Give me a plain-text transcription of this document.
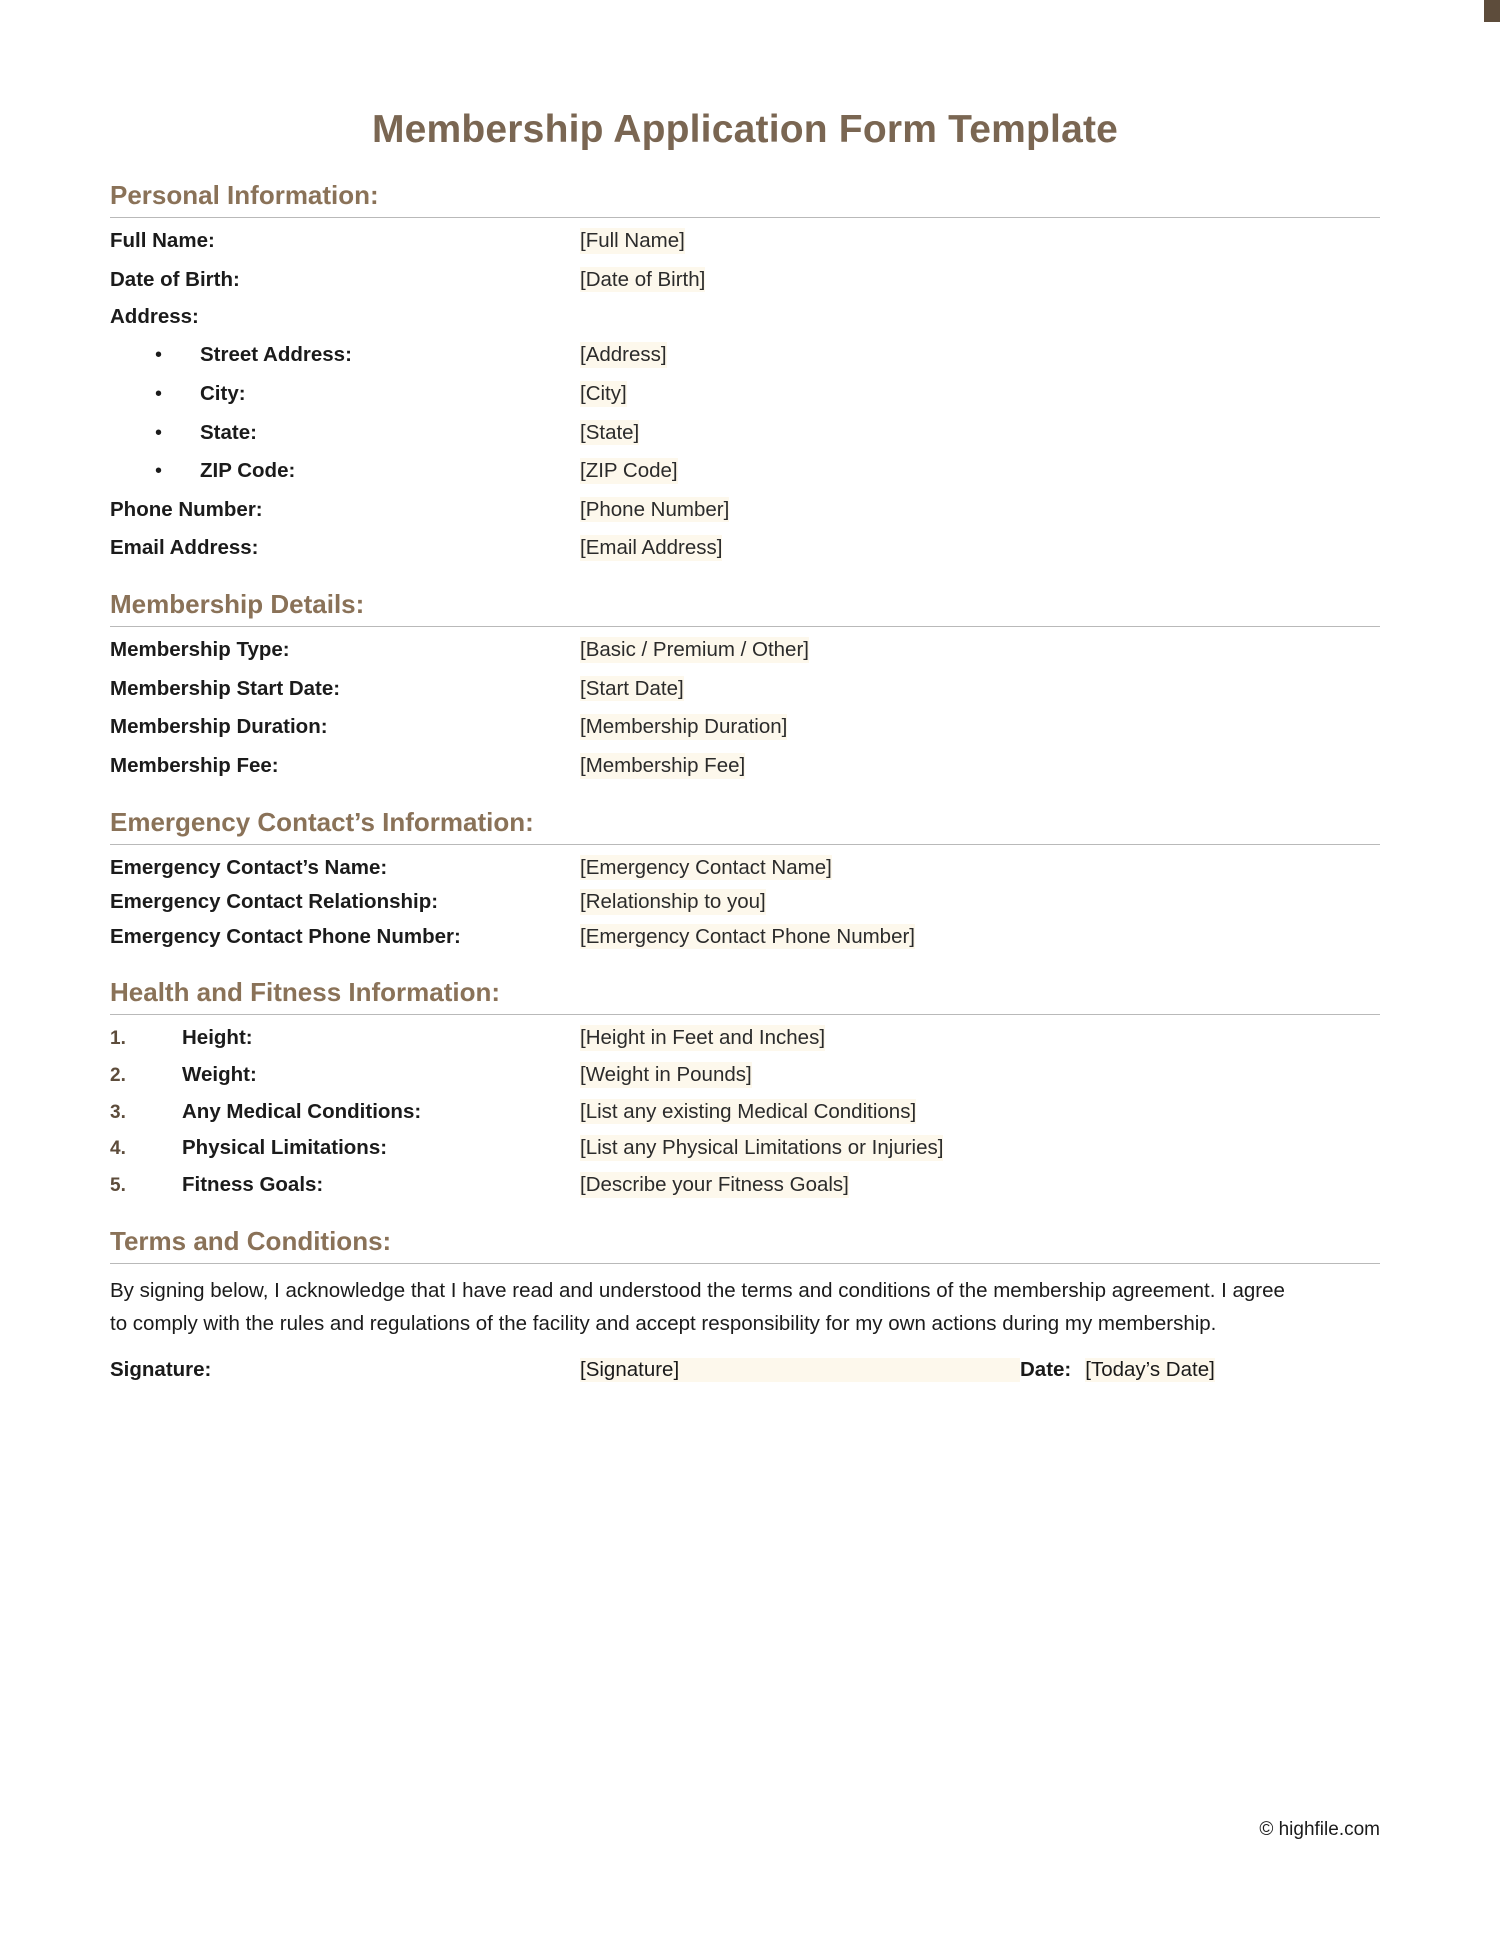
Membership Application Form Template
Personal Information:
Full Name:	[Full Name]
Date of Birth:	[Date of Birth]
Address:
•	Street Address:	[Address]
•	City:	[City]
•	State:	[State]
•	ZIP Code:	[ZIP Code]
Phone Number:	[Phone Number]
Email Address:	[Email Address]
Membership Details:
Membership Type:	[Basic / Premium / Other]
Membership Start Date:	[Start Date]
Membership Duration:	[Membership Duration]
Membership Fee:	[Membership Fee]
Emergency Contact’s Information:
Emergency Contact’s Name:	[Emergency Contact Name]
Emergency Contact Relationship:	[Relationship to you]
Emergency Contact Phone Number:	[Emergency Contact Phone Number]
Health and Fitness Information:
1.	Height:	[Height in Feet and Inches]
2.	Weight:	[Weight in Pounds]
3.	Any Medical Conditions:	[List any existing Medical Conditions]
4.	Physical Limitations:	[List any Physical Limitations or Injuries]
5.	Fitness Goals:	[Describe your Fitness Goals]
Terms and Conditions:
By signing below, I acknowledge that I have read and understood the terms and conditions of the membership agreement. I agree to comply with the rules and regulations of the facility and accept responsibility for my own actions during my membership.
Signature:	[Signature]	Date: [Today’s Date]
© highfile.com
